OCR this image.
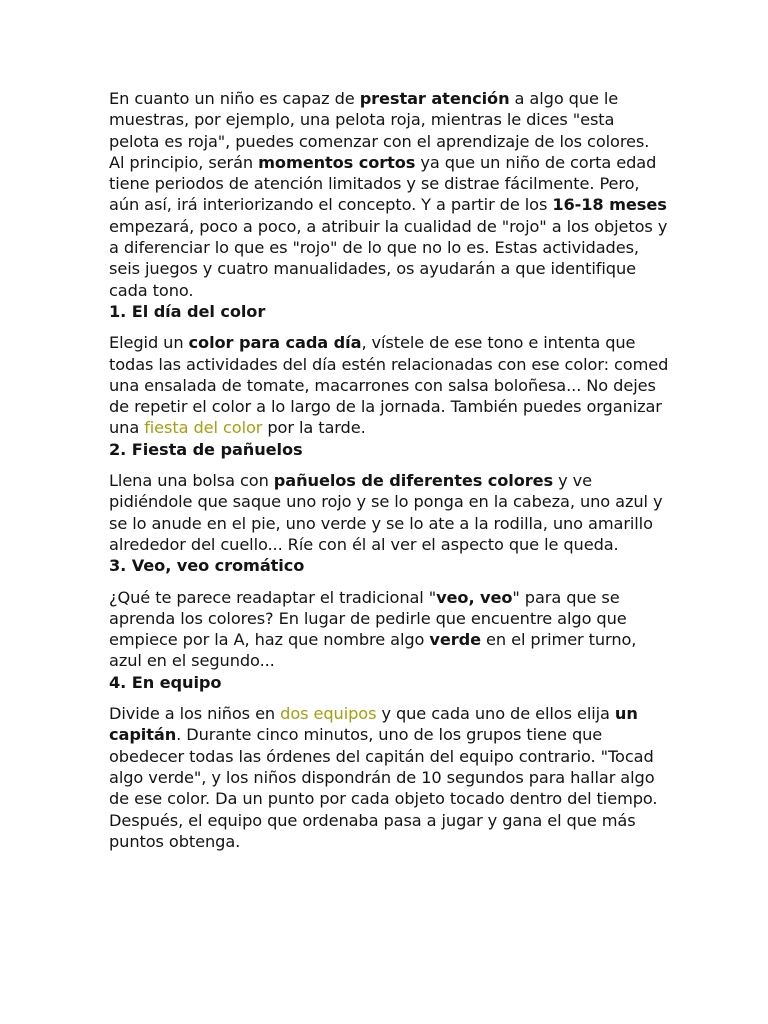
En cuanto un niño es capaz de prestar atención a algo que le muestras, por ejemplo, una pelota roja, mientras le dices "esta pelota es roja", puedes comenzar con el aprendizaje de los colores. Al principio, serán momentos cortos ya que un niño de corta edad tiene periodos de atención limitados y se distrae fácilmente. Pero, aún así, irá interiorizando el concepto. Y a partir de los 16-18 meses empezará, poco a poco, a atribuir la cualidad de "rojo" a los objetos y a diferenciar lo que es "rojo" de lo que no lo es. Estas actividades, seis juegos y cuatro manualidades, os ayudarán a que identifique cada tono.

1. El día del color

Elegid un color para cada día, vístele de ese tono e intenta que todas las actividades del día estén relacionadas con ese color: comed una ensalada de tomate, macarrones con salsa boloñesa... No dejes de repetir el color a lo largo de la jornada. También puedes organizar una fiesta del color por la tarde.

2. Fiesta de pañuelos

Llena una bolsa con pañuelos de diferentes colores y ve pidiéndole que saque uno rojo y se lo ponga en la cabeza, uno azul y se lo anude en el pie, uno verde y se lo ate a la rodilla, uno amarillo alrededor del cuello... Ríe con él al ver el aspecto que le queda.

3. Veo, veo cromático

¿Qué te parece readaptar el tradicional "veo, veo" para que se aprenda los colores? En lugar de pedirle que encuentre algo que empiece por la A, haz que nombre algo verde en el primer turno, azul en el segundo...

4. En equipo

Divide a los niños en dos equipos y que cada uno de ellos elija un capitán. Durante cinco minutos, uno de los grupos tiene que obedecer todas las órdenes del capitán del equipo contrario. "Tocad algo verde", y los niños dispondrán de 10 segundos para hallar algo de ese color. Da un punto por cada objeto tocado dentro del tiempo. Después, el equipo que ordenaba pasa a jugar y gana el que más puntos obtenga.
